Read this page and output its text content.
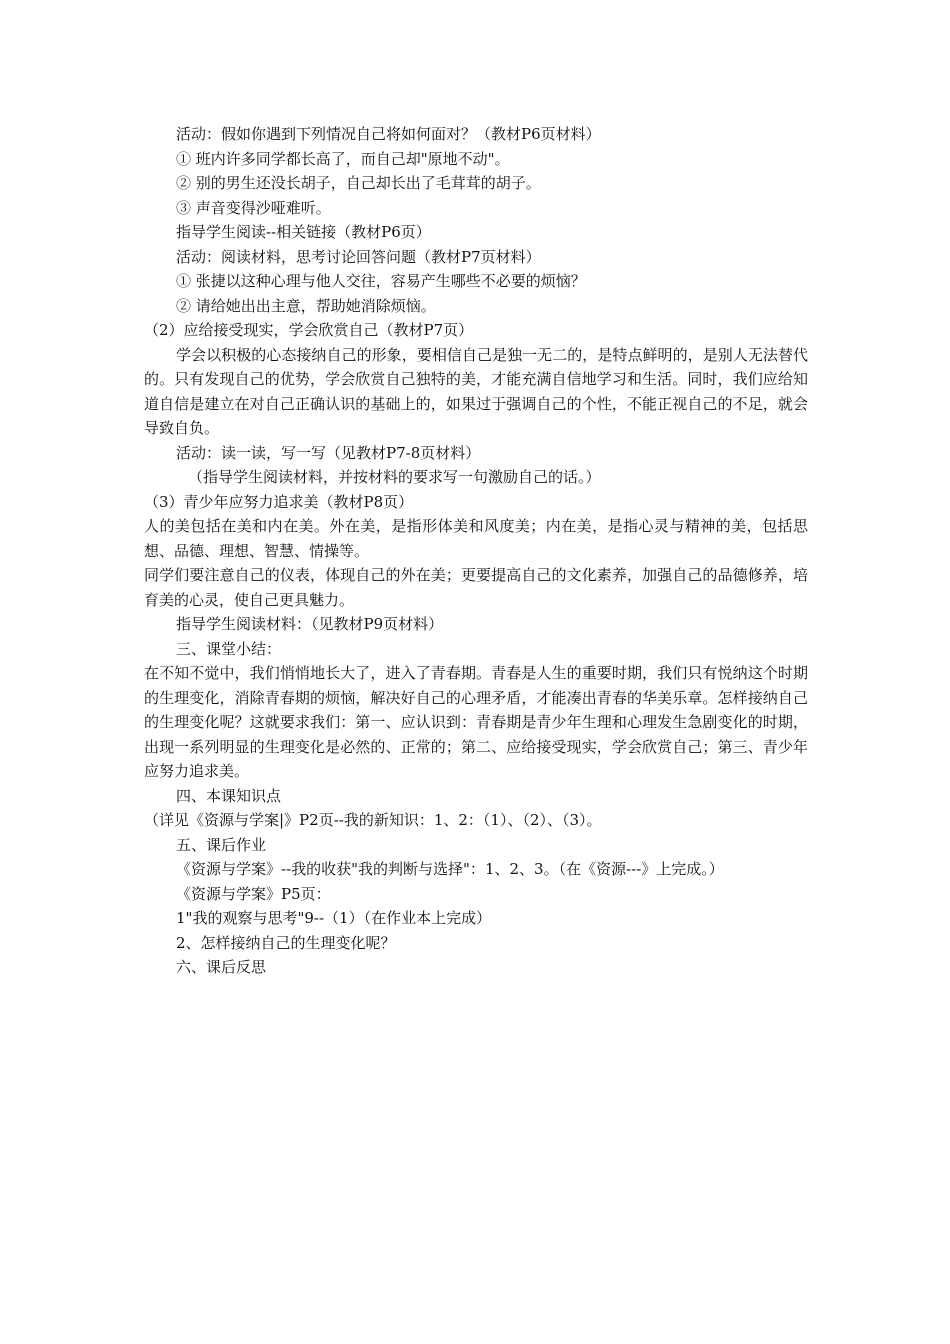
活动：假如你遇到下列情况自己将如何面对？（教材P6页材料）

① 班内许多同学都长高了，而自己却"原地不动"。

② 别的男生还没长胡子，自己却长出了毛茸茸的胡子。

③ 声音变得沙哑难听。

指导学生阅读--相关链接（教材P6页）

活动：阅读材料，思考讨论回答问题（教材P7页材料）

① 张捷以这种心理与他人交往，容易产生哪些不必要的烦恼？

② 请给她出出主意，帮助她消除烦恼。

（2）应给接受现实，学会欣赏自己（教材P7页）

学会以积极的心态接纳自己的形象，要相信自己是独一无二的，是特点鲜明的，是别人无法替代的。只有发现自己的优势，学会欣赏自己独特的美，才能充满自信地学习和生活。同时，我们应给知道自信是建立在对自己正确认识的基础上的，如果过于强调自己的个性，不能正视自己的不足，就会导致自负。

活动：读一读，写一写（见教材P7-8页材料）

（指导学生阅读材料，并按材料的要求写一句激励自己的话。）

（3）青少年应努力追求美（教材P8页）

人的美包括在美和内在美。外在美，是指形体美和风度美；内在美，是指心灵与精神的美，包括思想、品德、理想、智慧、情操等。

同学们要注意自己的仪表，体现自己的外在美；更要提高自己的文化素养，加强自己的品德修养，培育美的心灵，使自己更具魅力。

指导学生阅读材料：（见教材P9页材料）

三、课堂小结：

在不知不觉中，我们悄悄地长大了，进入了青春期。青春是人生的重要时期，我们只有悦纳这个时期的生理变化，消除青春期的烦恼，解决好自己的心理矛盾，才能凑出青春的华美乐章。怎样接纳自己的生理变化呢？这就要求我们：第一、应认识到：青春期是青少年生理和心理发生急剧变化的时期，出现一系列明显的生理变化是必然的、正常的；第二、应给接受现实，学会欣赏自己；第三、青少年应努力追求美。

四、本课知识点

（详见《资源与学案|》P2页--我的新知识：1、2：（1）、（2）、（3）。

五、课后作业

《资源与学案》--我的收获"我的判断与选择"：1、2、3。（在《资源---》上完成。）

《资源与学案》P5页：

1"我的观察与思考"9--（1）（在作业本上完成）

2、怎样接纳自己的生理变化呢？

六、课后反思
